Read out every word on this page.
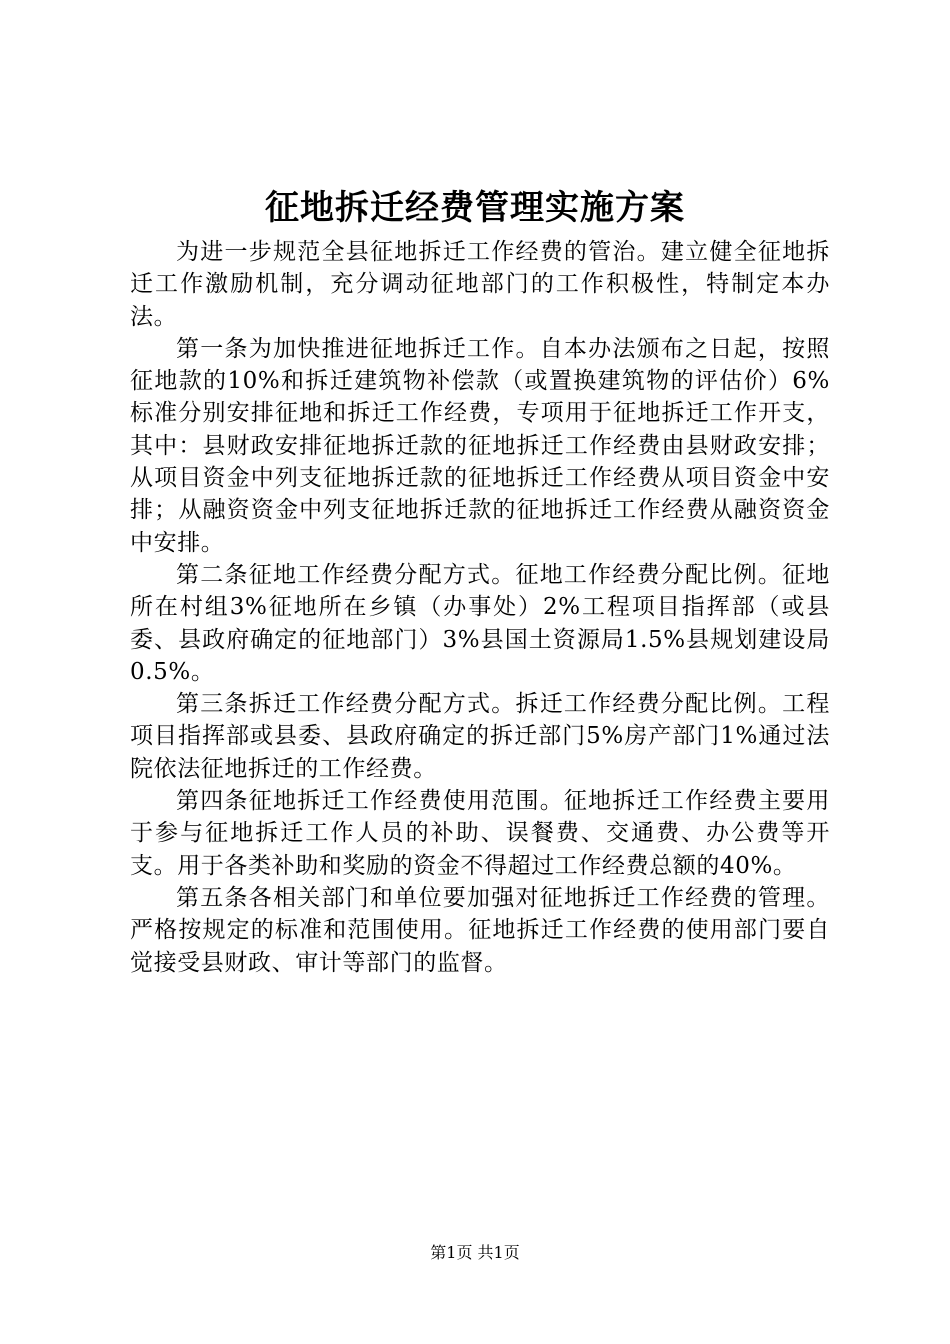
征地拆迁经费管理实施方案

为进一步规范全县征地拆迁工作经费的管治。建立健全征地拆迁工作激励机制，充分调动征地部门的工作积极性，特制定本办法。

第一条为加快推进征地拆迁工作。自本办法颁布之日起，按照征地款的10%和拆迁建筑物补偿款（或置换建筑物的评估价）6%标准分别安排征地和拆迁工作经费，专项用于征地拆迁工作开支，其中：县财政安排征地拆迁款的征地拆迁工作经费由县财政安排；从项目资金中列支征地拆迁款的征地拆迁工作经费从项目资金中安排；从融资资金中列支征地拆迁款的征地拆迁工作经费从融资资金中安排。

第二条征地工作经费分配方式。征地工作经费分配比例。征地所在村组3%征地所在乡镇（办事处）2%工程项目指挥部（或县委、县政府确定的征地部门）3%县国土资源局1.5%县规划建设局0.5%。

第三条拆迁工作经费分配方式。拆迁工作经费分配比例。工程项目指挥部或县委、县政府确定的拆迁部门5%房产部门1%通过法院依法征地拆迁的工作经费。

第四条征地拆迁工作经费使用范围。征地拆迁工作经费主要用于参与征地拆迁工作人员的补助、误餐费、交通费、办公费等开支。用于各类补助和奖励的资金不得超过工作经费总额的40%。

第五条各相关部门和单位要加强对征地拆迁工作经费的管理。严格按规定的标准和范围使用。征地拆迁工作经费的使用部门要自觉接受县财政、审计等部门的监督。

第1页 共1页
